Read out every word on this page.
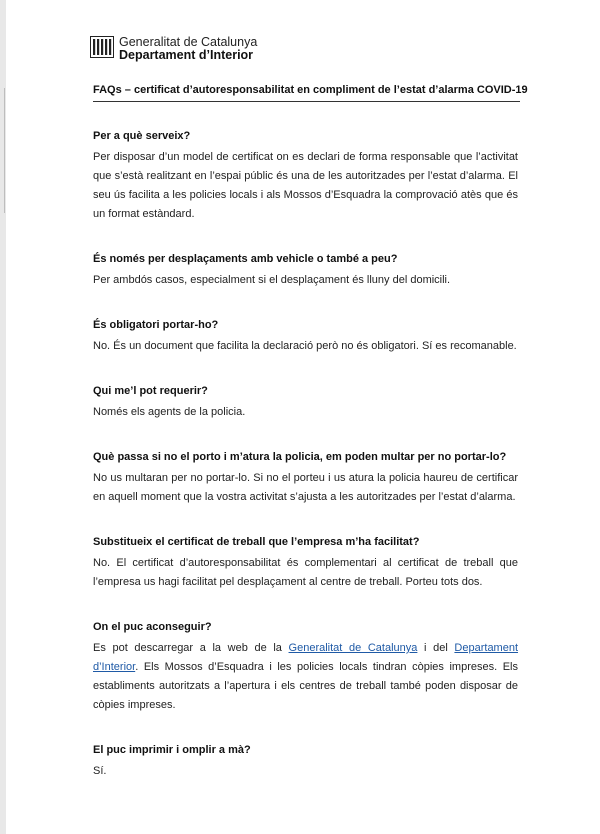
Generalitat de Catalunya
Departament d’Interior
FAQs – certificat d’autoresponsabilitat en compliment de l’estat d’alarma COVID-19
Per a què serveix?
Per disposar d’un model de certificat on es declari de forma responsable que l’activitat que s’està realitzant en l’espai públic és una de les autoritzades per l’estat d’alarma. El seu ús facilita a les policies locals i als Mossos d’Esquadra la comprovació atès que és un format estàndard.
És només per desplaçaments amb vehicle o també a peu?
Per ambdós casos, especialment si el desplaçament és lluny del domicili.
És obligatori portar-ho?
No. És un document que facilita la declaració però no és obligatori. Sí es recomanable.
Qui me’l pot requerir?
Només els agents de la policia.
Què passa si no el porto i m’atura la policia, em poden multar per no portar-lo?
No us multaran per no portar-lo. Si no el porteu i us atura la policia haureu de certificar en aquell moment que la vostra activitat s’ajusta a les autoritzades per l’estat d’alarma.
Substitueix el certificat de treball que l’empresa m’ha facilitat?
No. El certificat d’autoresponsabilitat és complementari al certificat de treball que l’empresa us hagi facilitat pel desplaçament al centre de treball. Porteu tots dos.
On el puc aconseguir?
Es pot descarregar a la web de la Generalitat de Catalunya i del Departament d’Interior. Els Mossos d’Esquadra i les policies locals tindran còpies impreses. Els establiments autoritzats a l’apertura i els centres de treball també poden disposar de còpies impreses.
El puc imprimir i omplir a mà?
Sí.
